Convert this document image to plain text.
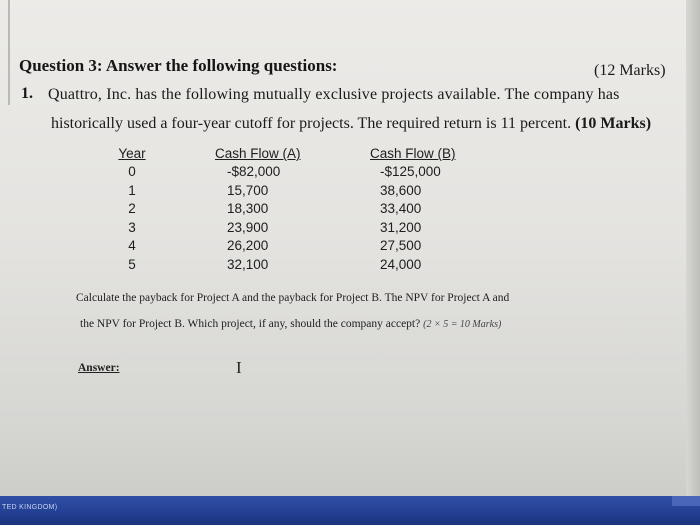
Question 3: Answer the following questions:	(12 Marks)
1. Quattro, Inc. has the following mutually exclusive projects available. The company has
historically used a four-year cutoff for projects. The required return is 11 percent. (10 Marks)
Year
0
1
2
3
4
5
Cash Flow (A)
-$82,000
15,700
18,300
23,900
26,200
32,100
Cash Flow (B)
-$125,000
38,600
33,400
31,200
27,500
24,000
Calculate the payback for Project A and the payback for Project B. The NPV for Project A and
the NPV for Project B. Which project, if any, should the company accept? (2 × 5 = 10 Marks)
Answer:	I
TED KINGDOM)
